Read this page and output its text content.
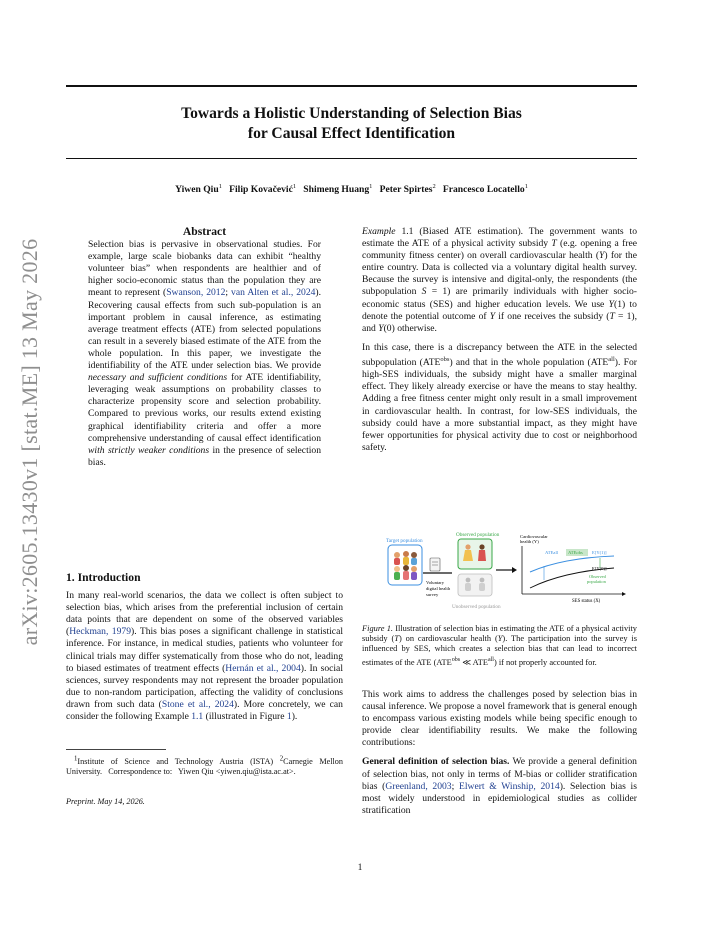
arXiv:2605.13430v1 [stat.ME] 13 May 2026
Towards a Holistic Understanding of Selection Bias
for Causal Effect Identification
Yiwen Qiu$^1$ Filip Kovačević$^1$ Shimeng Huang$^1$ Peter Spirtes$^2$ Francesco Locatello$^1$
Abstract

Selection bias is pervasive in observational studies. For example, large scale biobanks data can exhibit “healthy volunteer bias” when respondents are healthier and of higher socio-economic status than the population they are meant to represent (Swanson, 2012; van Alten et al., 2024). Recovering causal effects from such sub-population is an important problem in causal inference, as estimating average treatment effects (ATE) from selected populations can result in a severely biased estimate of the ATE from the whole population. In this paper, we investigate the identifiability of the ATE under selection bias. We provide necessary and sufficient conditions for ATE identifiability, leveraging weak assumptions on probability classes to characterize propensity score and selection probability. Compared to previous works, our results extend existing graphical identifiability criteria and offer a more comprehensive understanding of causal effect identification with strictly weaker conditions in the presence of selection bias.

1. Introduction

In many real-world scenarios, the data we collect is often subject to selection bias, which arises from the preferential inclusion of certain data points that are dependent on some of the observed variables (Heckman, 1979). This bias poses a significant challenge in statistical inference. For instance, in medical studies, patients who volunteer for clinical trials may differ systematically from those who do not, leading to biased estimates of treatment effects (Hernán et al., 2004). In social sciences, survey respondents may not represent the broader population due to non-random participation, affecting the validity of conclusions drawn from such data (Stone et al., 2024). More concretely, we can consider the following Example 1.1 (illustrated in Figure 1).

$^1$Institute of Science and Technology Austria (ISTA) $^2$Carnegie Mellon University.   Correspondence to:   Yiwen Qiu <yiwen.qiu@ista.ac.at>.
Preprint. May 14, 2026.

Example 1.1 (Biased ATE estimation). The government wants to estimate the ATE of a physical activity subsidy T (e.g. opening a free community fitness center) on overall cardiovascular health (Y) for the entire country. Data is collected via a voluntary digital health survey. Because the survey is intensive and digital-only, the respondents (the subpopulation S = 1) are primarily individuals with higher socio-economic status (SES) and higher education levels. We use Y(1) to denote the potential outcome of Y if one receives the subsidy (T = 1), and Y(0) otherwise.

In this case, there is a discrepancy between the ATE in the selected subpopulation $(ATE^{obs})$ and that in the whole population $(ATE^{all})$. For high-SES individuals, the subsidy might have a smaller marginal effect. They likely already exercise or have the means to stay healthy. Adding a free fitness center might only result in a small improvement in cardiovascular health. In contrast, for low-SES individuals, the subsidy could have a more substantial impact, as they might have fewer opportunities for physical activity due to cost or neighborhood safety.

Target population
Voluntary
digital health
survey
Observed population
Unobserved population
Cardiovascular
health (Y)
SES status (X)
ATEall ATEobs E[Y(1)]
E[Y(0)]
Observed
population
Figure 1. Illustration of selection bias in estimating the ATE of a physical activity subsidy (T) on cardiovascular health (Y). The participation into the survey is influenced by SES, which creates a selection bias that can lead to incorrect estimates of the ATE ($ATE^{obs}$ ≪ $ATE^{all}$) if not properly accounted for.

This work aims to address the challenges posed by selection bias in causal inference. We propose a novel framework that is general enough to encompass various existing models while being specific enough to provide clear identifiability results. We make the following contributions:

General definition of selection bias. We provide a general definition of selection bias, not only in terms of M-bias or collider stratification bias (Greenland, 2003; Elwert & Winship, 2014). Selection bias is most widely understood in epidemiological studies as collider stratification

1
